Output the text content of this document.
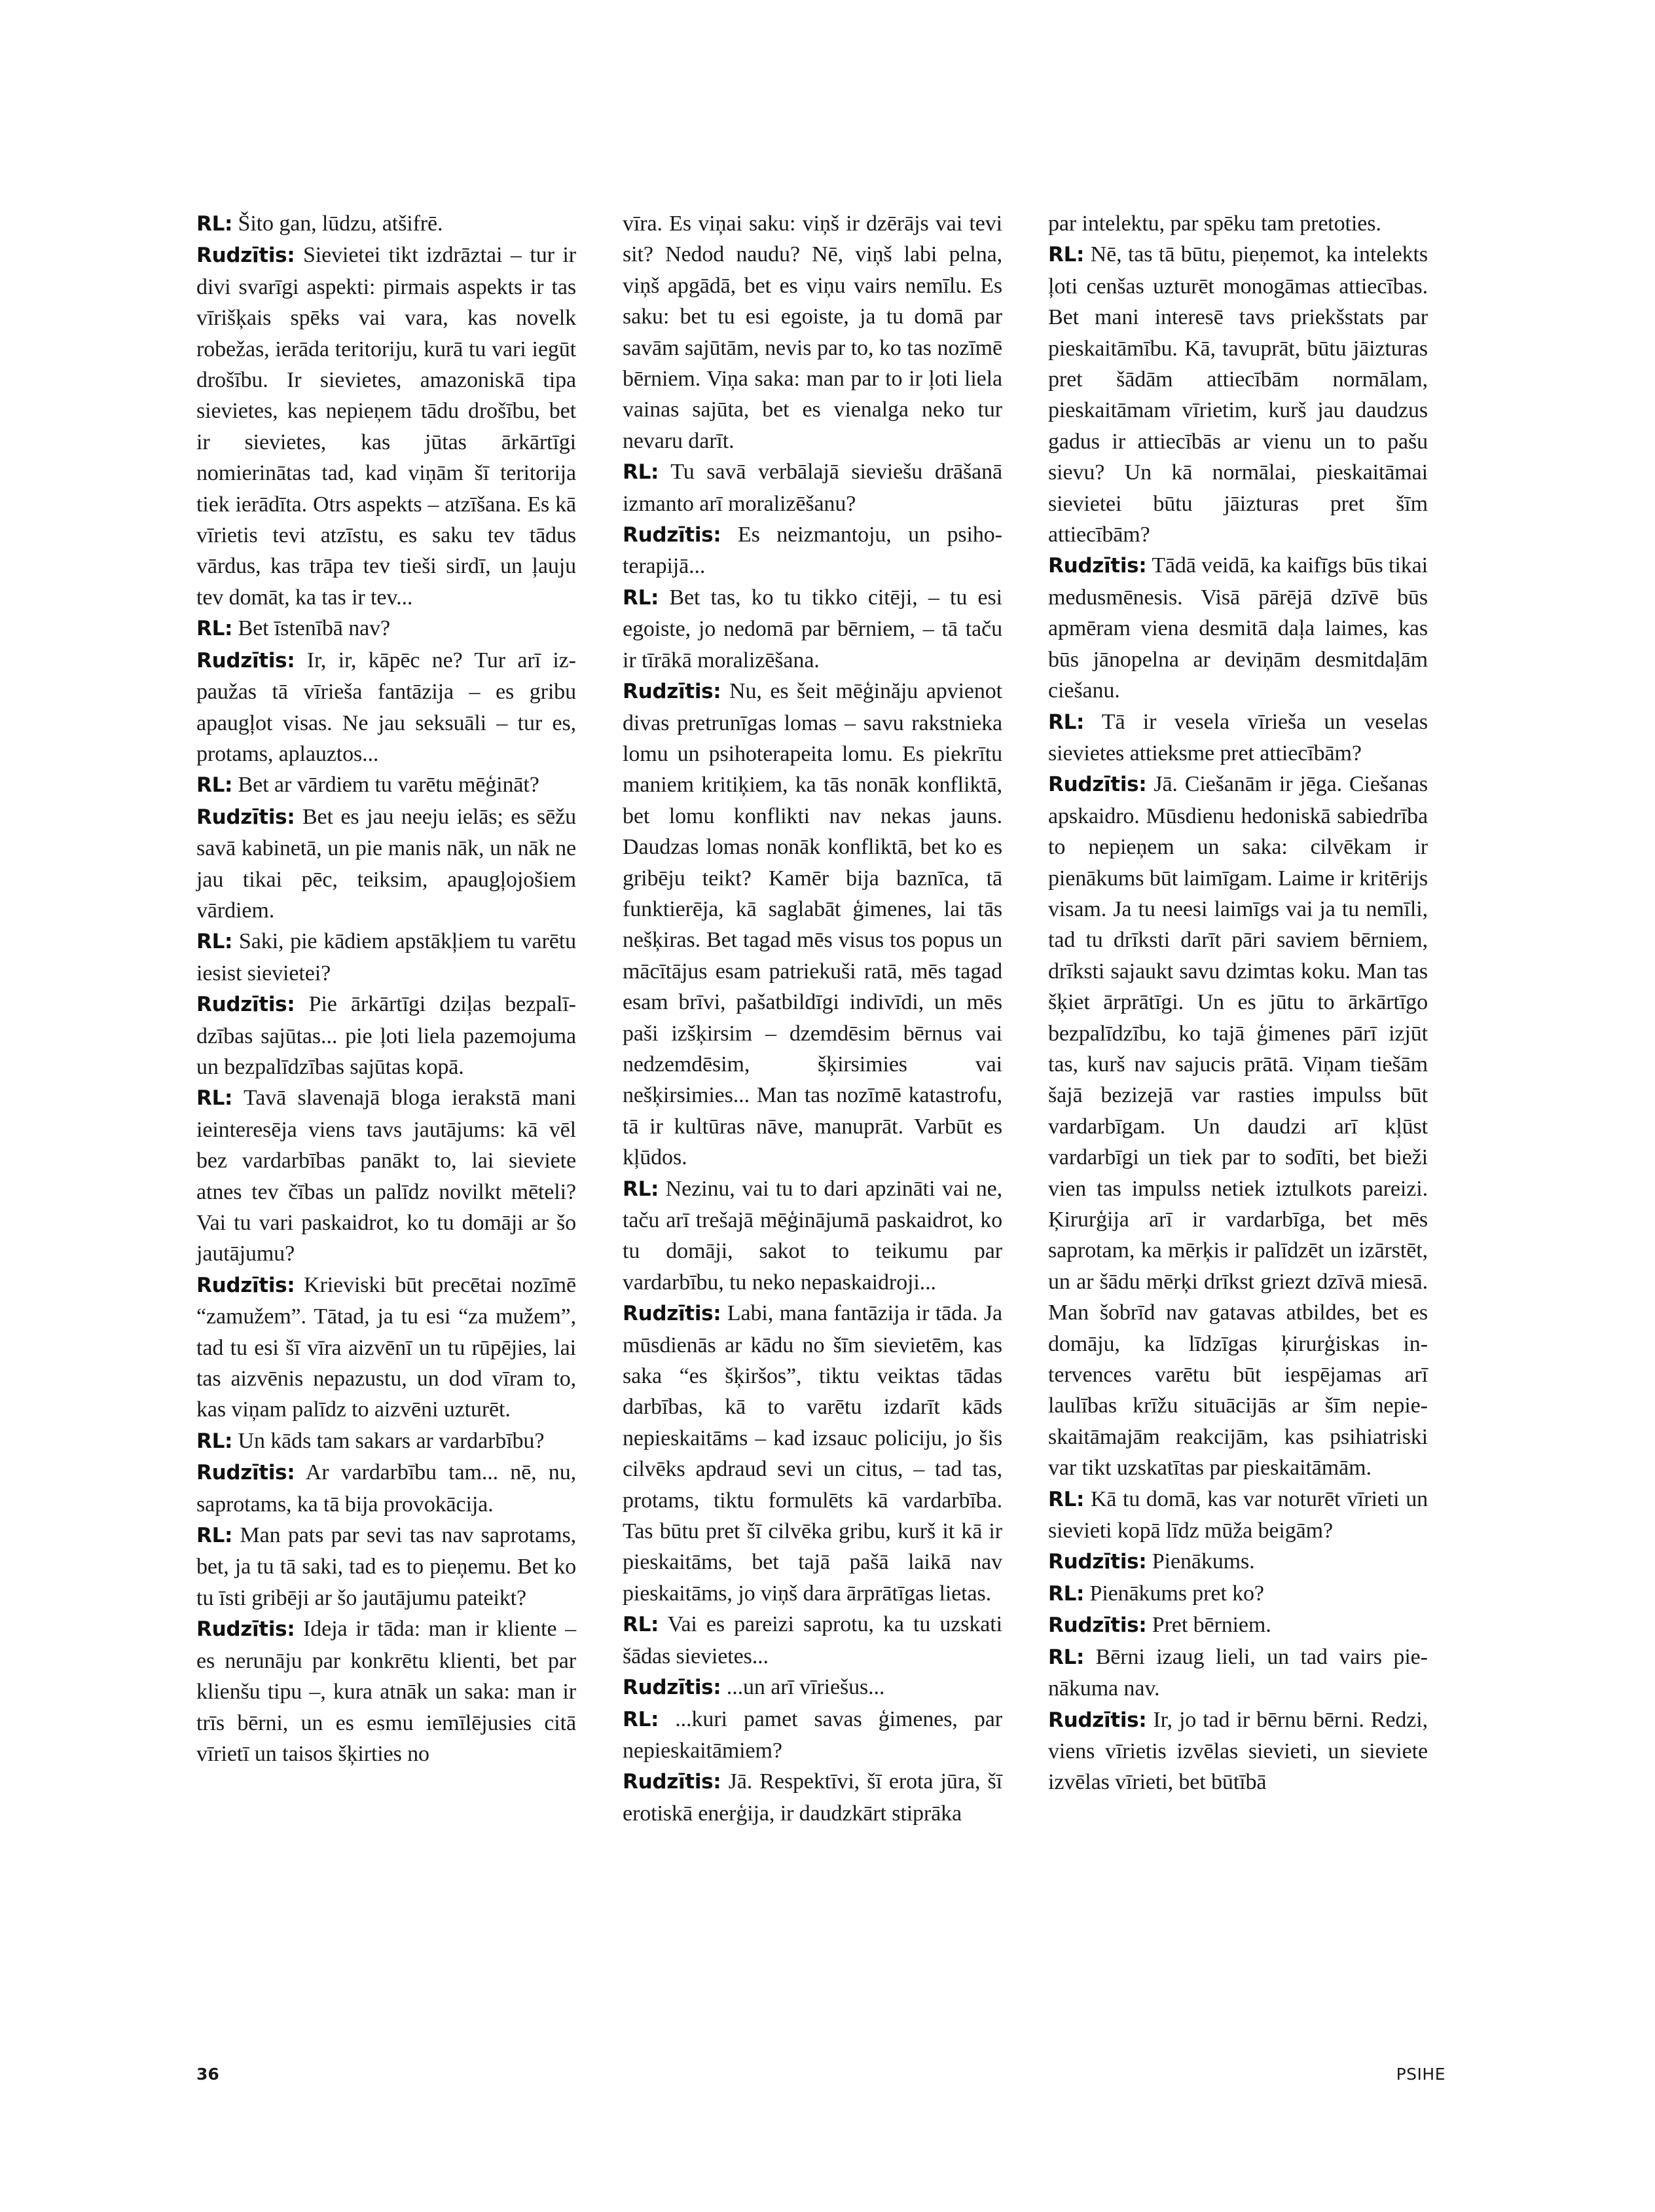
RL: Šito gan, lūdzu, atšifrē.

Rudzītis: Sievietei tikt izdrāztai – tur ir divi svarīgi aspekti: pirmais aspekts ir tas vīrišķais spēks vai vara, kas novelk robežas, ierāda teritoriju, kurā tu vari iegūt drošību. Ir sievietes, amazoniskā tipa sievietes, kas nepieņem tādu drošību, bet ir sievietes, kas jūtas ārkārtīgi nomierinātas tad, kad viņām šī teritorija tiek ierādīta. Otrs aspekts – atzīšana. Es kā vīrietis tevi atzīstu, es saku tev tādus vārdus, kas trāpa tev tieši sirdī, un ļauju tev domāt, ka tas ir tev...

RL: Bet īstenībā nav?

Rudzītis: Ir, ir, kāpēc ne? Tur arī izpaužas tā vīrieša fantāzija – es gribu apaugļot visas. Ne jau seksuāli – tur es, protams, aplauztos...

RL: Bet ar vārdiem tu varētu mēģināt?

Rudzītis: Bet es jau neeju ielās; es sēžu savā kabinetā, un pie manis nāk, un nāk ne jau tikai pēc, teiksim, apaugļojošiem vārdiem.

RL: Saki, pie kādiem apstākļiem tu varētu iesist sievietei?

Rudzītis: Pie ārkārtīgi dziļas bezpalīdzības sajūtas... pie ļoti liela pazemojuma un bezpalīdzības sajūtas kopā.

RL: Tavā slavenajā bloga ierakstā mani ieinteresēja viens tavs jautājums: kā vēl bez vardarbības panākt to, lai sieviete atnes tev čības un palīdz novilkt mēteli? Vai tu vari paskaidrot, ko tu domāji ar šo jautājumu?

Rudzītis: Krieviski būt precētai nozīmē “zamužem”. Tātad, ja tu esi “za mužem”, tad tu esi šī vīra aizvēnī un tu rūpējies, lai tas aizvēnis nepazustu, un dod vīram to, kas viņam palīdz to aizvēni uzturēt.

RL: Un kāds tam sakars ar vardarbību?

Rudzītis: Ar vardarbību tam... nē, nu, saprotams, ka tā bija provokācija.

RL: Man pats par sevi tas nav saprotams, bet, ja tu tā saki, tad es to pieņemu. Bet ko tu īsti gribēji ar šo jautājumu pateikt?

Rudzītis: Ideja ir tāda: man ir kliente – es nerunāju par konkrētu klienti, bet par klienšu tipu –, kura atnāk un saka: man ir trīs bērni, un es esmu iemīlējusies citā vīrietī un taisos šķirties no

vīra. Es viņai saku: viņš ir dzērājs vai tevi sit? Nedod naudu? Nē, viņš labi pelna, viņš apgādā, bet es viņu vairs nemīlu. Es saku: bet tu esi egoiste, ja tu domā par savām sajūtām, nevis par to, ko tas nozīmē bērniem. Viņa saka: man par to ir ļoti liela vainas sajūta, bet es vienalga neko tur nevaru darīt.

RL: Tu savā verbālajā sieviešu drāšanā izmanto arī moralizēšanu?

Rudzītis: Es neizmantoju, un psihoterapijā...

RL: Bet tas, ko tu tikko citēji, – tu esi egoiste, jo nedomā par bērniem, – tā taču ir tīrākā moralizēšana.

Rudzītis: Nu, es šeit mēģinăju apvienot divas pretrunīgas lomas – savu rakstnieka lomu un psihoterapeita lomu. Es piekrītu maniem kritiķiem, ka tās nonāk konfliktā, bet lomu konflikti nav nekas jauns. Daudzas lomas nonāk konfliktā, bet ko es gribēju teikt? Kamēr bija baznīca, tā funktierēja, kā saglabāt ģimenes, lai tās nešķiras. Bet tagad mēs visus tos popus un mācītājus esam patriekuši ratā, mēs tagad esam brīvi, pašatbildīgi indivīdi, un mēs paši izšķirsim – dzemdēsim bērnus vai nedzemdēsim, šķirsimies vai nešķirsimies... Man tas nozīmē katastrofu, tā ir kultūras nāve, manuprāt. Varbūt es kļūdos.

RL: Nezinu, vai tu to dari apzināti vai ne, taču arī trešajā mēģinājumā paskaidrot, ko tu domāji, sakot to teikumu par vardarbību, tu neko nepaskaidroji...

Rudzītis: Labi, mana fantāzija ir tāda. Ja mūsdienās ar kādu no šīm sievietēm, kas saka “es šķiršos”, tiktu veiktas tādas darbības, kā to varētu izdarīt kāds nepieskaitāms – kad izsauc policiju, jo šis cilvēks apdraud sevi un citus, – tad tas, protams, tiktu formulēts kā vardarbība. Tas būtu pret šī cilvēka gribu, kurš it kā ir pieskaitāms, bet tajā pašā laikā nav pieskaitāms, jo viņš dara ārprātīgas lietas.

RL: Vai es pareizi saprotu, ka tu uzskati šādas sievietes...

Rudzītis: ...un arī vīriešus...

RL: ...kuri pamet savas ģimenes, par nepieskaitāmiem?

Rudzītis: Jā. Respektīvi, šī erota jūra, šī erotiskā enerģija, ir daudzkārt stiprāka

par intelektu, par spēku tam pretoties.

RL: Nē, tas tā būtu, pieņemot, ka intelekts ļoti cenšas uzturēt monogāmas attiecības. Bet mani interesē tavs priekšstats par pieskaitāmību. Kā, tavuprāt, būtu jāizturas pret šādām attiecībām normālam, pieskaitāmam vīrietim, kurš jau daudzus gadus ir attiecībās ar vienu un to pašu sievu? Un kā normālai, pieskaitāmai sievietei būtu jāizturas pret šīm attiecībām?

Rudzītis: Tādā veidā, ka kaifīgs būs tikai medusmēnesis. Visā pārējā dzīvē būs apmēram viena desmitā daļa laimes, kas būs jānopelna ar deviņām desmitdaļām ciešanu.

RL: Tā ir vesela vīrieša un veselas sievietes attieksme pret attiecībām?

Rudzītis: Jā. Ciešanām ir jēga. Ciešanas apskaidro. Mūsdienu hedoniskā sabiedrība to nepieņem un saka: cilvēkam ir pienākums būt laimīgam. Laime ir kritērijs visam. Ja tu neesi laimīgs vai ja tu nemīli, tad tu drīksti darīt pāri saviem bērniem, drīksti sajaukt savu dzimtas koku. Man tas šķiet ārprātīgi. Un es jūtu to ārkārtīgo bezpalīdzību, ko tajā ģimenes pārī izjūt tas, kurš nav sajucis prātā. Viņam tiešām šajā bezizejā var rasties impulss būt vardarbīgam. Un daudzi arī kļūst vardarbīgi un tiek par to sodīti, bet bieži vien tas impulss netiek iztulkots pareizi. Ķirurģija arī ir vardarbīga, bet mēs saprotam, ka mērķis ir palīdzēt un izārstēt, un ar šādu mērķi drīkst griezt dzīvā miesā. Man šobrīd nav gatavas atbildes, bet es domāju, ka līdzīgas ķirurģiskas intervences varētu būt iespējamas arī laulības krīžu situācijās ar šīm nepieskaitāmajām reakcijām, kas psihiatriski var tikt uzskatītas par pieskaitāmām.

RL: Kā tu domā, kas var noturēt vīrieti un sievieti kopā līdz mūža beigām?

Rudzītis: Pienākums.

RL: Pienākums pret ko?

Rudzītis: Pret bērniem.

RL: Bērni izaug lieli, un tad vairs pienākuma nav.

Rudzītis: Ir, jo tad ir bērnu bērni. Redzi, viens vīrietis izvēlas sievieti, un sieviete izvēlas vīrieti, bet būtībā

36	PSIHE
